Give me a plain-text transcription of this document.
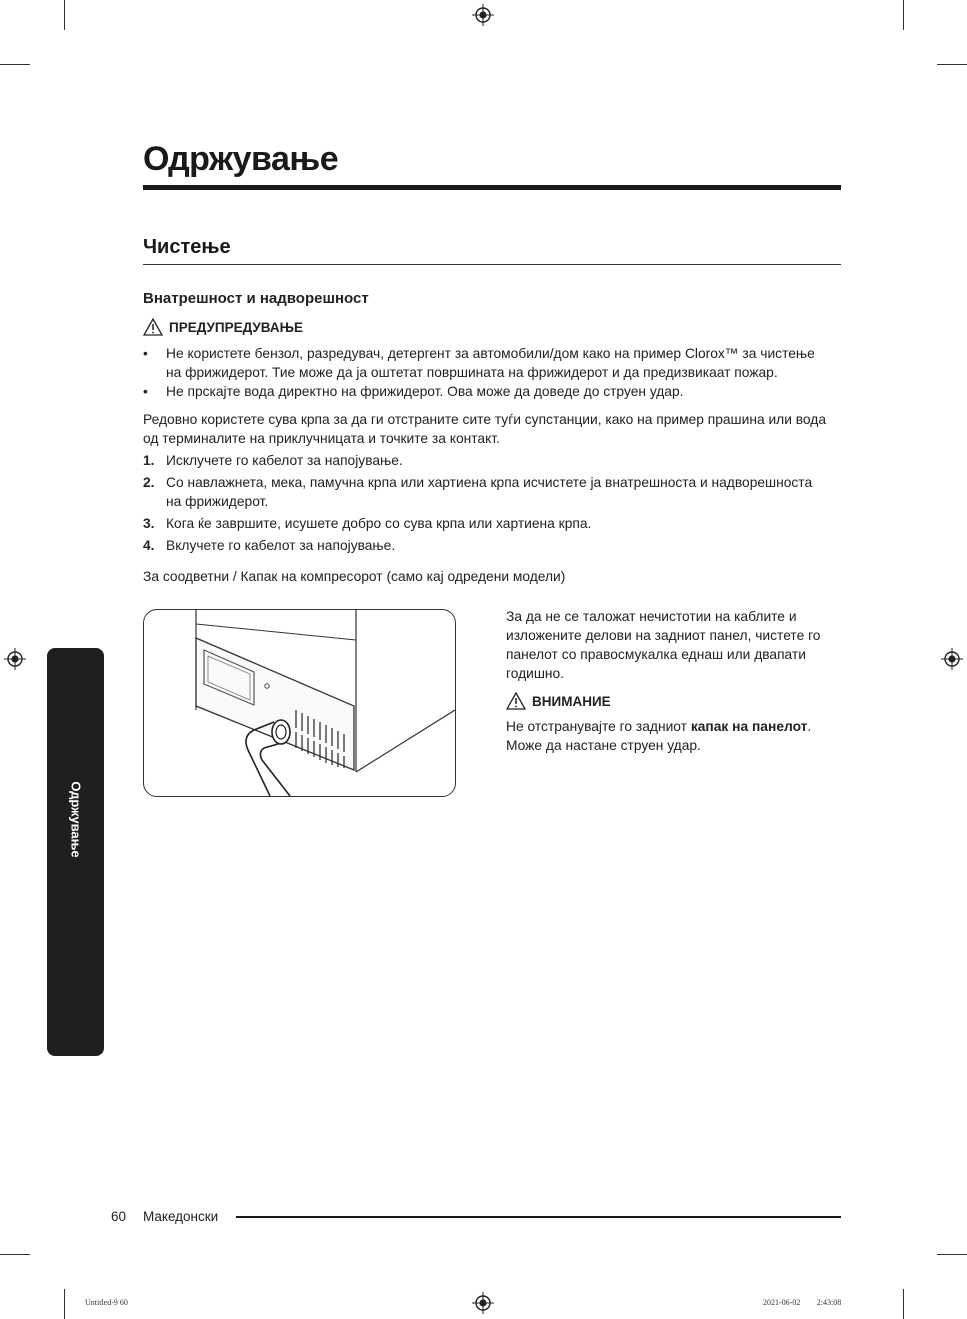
Одржување
Чистење
Внатрешност и надворешност
ПРЕДУПРЕДУВАЊЕ
• Не користете бензол, разредувач, детергент за автомобили/дом како на пример Clorox™ за чистење на фрижидерот. Тие може да ја оштетат површината на фрижидерот и да предизвикаат пожар.
• Не прскајте вода директно на фрижидерот. Ова може да доведе до струен удар.

Редовно користете сува крпа за да ги отстраните сите туѓи супстанции, како на пример прашина или вода од терминалите на приклучницата и точките за контакт.

1. Исклучете го кабелот за напојување.
2. Со навлажнета, мека, памучна крпа или хартиена крпа исчистете ја внатрешноста и надворешноста на фрижидерот.
3. Кога ќе завршите, исушете добро со сува крпа или хартиена крпа.
4. Вклучете го кабелот за напојување.

За соодветни / Капак на компресорот (само кај одредени модели)

За да не се таложат нечистотии на каблите и изложените делови на задниот панел, чистете го панелот со правосмукалка еднаш или двапати годишно.

ВНИМАНИЕ

Не отстранувајте го задниот капак на панелот. Може да настане струен удар.

Одржување
60 Македонски
Untitled-9 60	2021-06-02 ￿￿ 2:43:08
